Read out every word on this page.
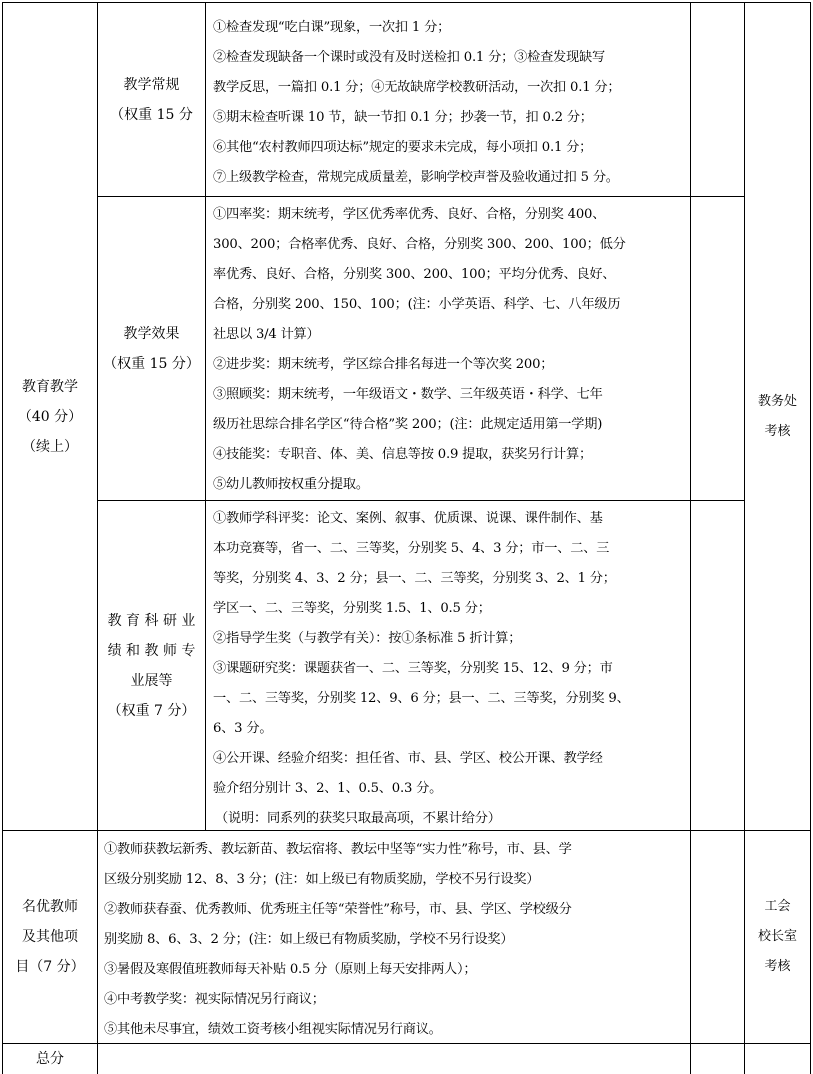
教育教学
（40 分）
（续上）
名优教师
及其他项
目（7 分）
总分
教学常规
（权重 15 分
教学效果
（权重 15 分）
教 育 科 研 业
绩 和 教 师 专
业展等
（权重 7 分）
①检查发现“吃白课”现象，一次扣 1 分；
②检查发现缺备一个课时或没有及时送检扣 0.1 分；③检查发现缺写
教学反思，一篇扣 0.1 分；④无故缺席学校教研活动，一次扣 0.1 分；
⑤期末检查听课 10 节，缺一节扣 0.1 分；抄袭一节，扣 0.2 分；
⑥其他“农村教师四项达标”规定的要求未完成，每小项扣 0.1 分；
⑦上级教学检查，常规完成质量差，影响学校声誉及验收通过扣 5 分。
①四率奖：期末统考，学区优秀率优秀、良好、合格，分别奖 400、
300、200；合格率优秀、良好、合格，分别奖 300、200、100；低分
率优秀、良好、合格，分别奖 300、200、100；平均分优秀、良好、
合格，分别奖 200、150、100；(注：小学英语、科学、七、八年级历
社思以 3/4 计算）
②进步奖：期末统考，学区综合排名每进一个等次奖 200；
③照顾奖：期末统考，一年级语文・数学、三年级英语・科学、七年
级历社思综合排名学区“待合格”奖 200；(注：此规定适用第一学期)
④技能奖：专职音、体、美、信息等按 0.9 提取，获奖另行计算；
⑤幼儿教师按权重分提取。
①教师学科评奖：论文、案例、叙事、优质课、说课、课件制作、基
本功竞赛等，省一、二、三等奖，分别奖 5、4、3 分；市一、二、三
等奖，分别奖 4、3、2 分；县一、二、三等奖，分别奖 3、2、1 分；
学区一、二、三等奖，分别奖 1.5、1、0.5 分；
②指导学生奖（与教学有关）：按①条标准 5 折计算；
③课题研究奖：课题获省一、二、三等奖，分别奖 15、12、9 分；市
一、二、三等奖，分别奖 12、9、6 分；县一、二、三等奖，分别奖 9、
6、3 分。
④公开课、经验介绍奖：担任省、市、县、学区、校公开课、教学经
验介绍分别计 3、2、1、0.5、0.3 分。
（说明：同系列的获奖只取最高项，不累计给分）
①教师获教坛新秀、教坛新苗、教坛宿将、教坛中坚等“实力性”称号，市、县、学
区级分别奖励 12、8、3 分；(注：如上级已有物质奖励，学校不另行设奖）
②教师获春蚕、优秀教师、优秀班主任等“荣誉性”称号，市、县、学区、学校级分
别奖励 8、6、3、2 分；(注：如上级已有物质奖励，学校不另行设奖）
③暑假及寒假值班教师每天补贴 0.5 分（原则上每天安排两人）；
④中考教学奖：视实际情况另行商议；
⑤其他未尽事宜，绩效工资考核小组视实际情况另行商议。
教务处
考核
工会
校长室
考核
